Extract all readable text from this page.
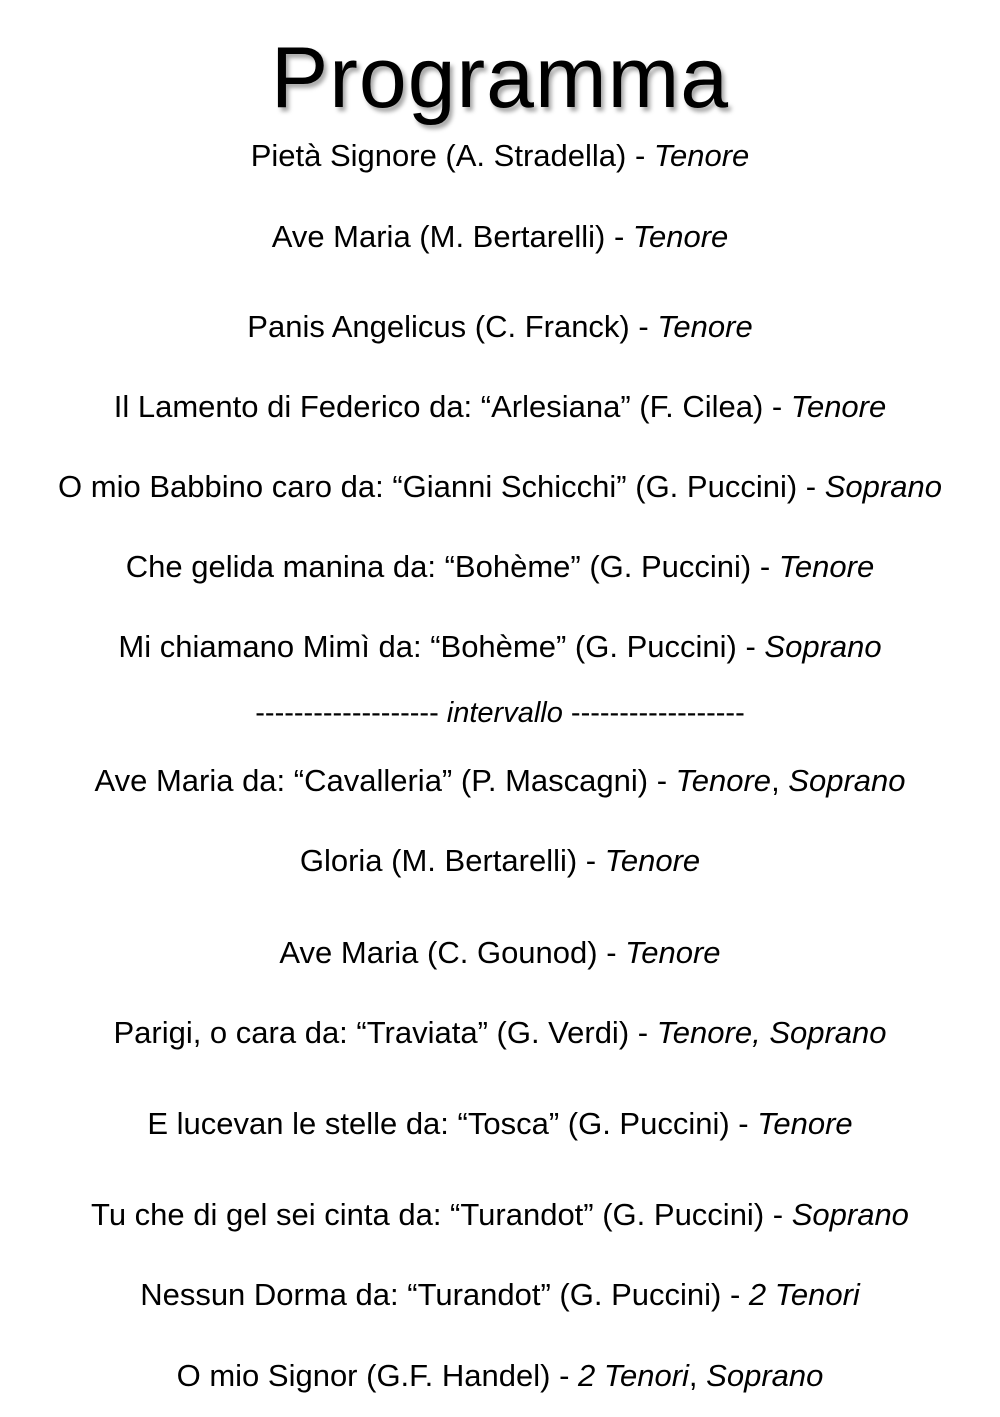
Programma
Pietà Signore (A. Stradella) - Tenore
Ave Maria (M. Bertarelli) - Tenore
Panis Angelicus (C. Franck) - Tenore
Il Lamento di Federico da: “Arlesiana” (F. Cilea) - Tenore
O mio Babbino caro da: “Gianni Schicchi” (G. Puccini) - Soprano
Che gelida manina da: “Bohème” (G. Puccini) - Tenore
Mi chiamano Mimì da: “Bohème” (G. Puccini) - Soprano
------------------- intervallo ------------------
Ave Maria da: “Cavalleria” (P. Mascagni) - Tenore, Soprano
Gloria (M. Bertarelli) - Tenore
Ave Maria (C. Gounod) - Tenore
Parigi, o cara da: “Traviata” (G. Verdi) - Tenore, Soprano
E lucevan le stelle da: “Tosca” (G. Puccini) - Tenore
Tu che di gel sei cinta da: “Turandot” (G. Puccini) - Soprano
Nessun Dorma da: “Turandot” (G. Puccini) - 2 Tenori
O mio Signor (G.F. Handel) - 2 Tenori, Soprano
